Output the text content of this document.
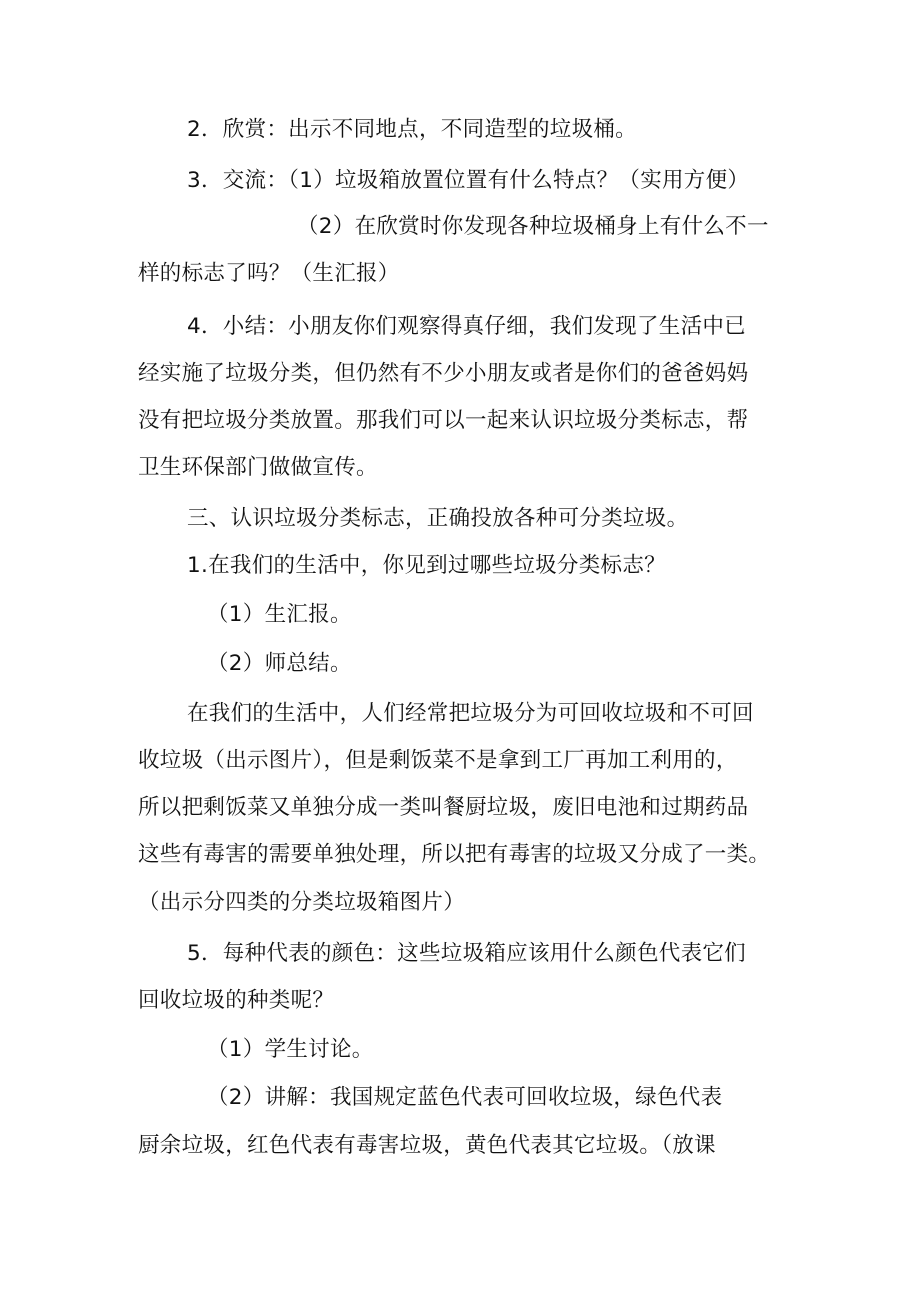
2．欣赏：出示不同地点，不同造型的垃圾桶。
3．交流：（1）垃圾箱放置位置有什么特点？（实用方便）
（2）在欣赏时你发现各种垃圾桶身上有什么不一
样的标志了吗？（生汇报）
4．小结：小朋友你们观察得真仔细，我们发现了生活中已
经实施了垃圾分类，但仍然有不少小朋友或者是你们的爸爸妈妈
没有把垃圾分类放置。那我们可以一起来认识垃圾分类标志，帮
卫生环保部门做做宣传。
三、认识垃圾分类标志，正确投放各种可分类垃圾。
1.在我们的生活中，你见到过哪些垃圾分类标志？
（1）生汇报。
（2）师总结。
在我们的生活中，人们经常把垃圾分为可回收垃圾和不可回
收垃圾（出示图片），但是剩饭菜不是拿到工厂再加工利用的，
所以把剩饭菜又单独分成一类叫餐厨垃圾，废旧电池和过期药品
这些有毒害的需要单独处理，所以把有毒害的垃圾又分成了一类。
（出示分四类的分类垃圾箱图片）
5．每种代表的颜色：这些垃圾箱应该用什么颜色代表它们
回收垃圾的种类呢？
（1）学生讨论。
（2）讲解：我国规定蓝色代表可回收垃圾，绿色代表
厨余垃圾，红色代表有毒害垃圾，黄色代表其它垃圾。（放课
